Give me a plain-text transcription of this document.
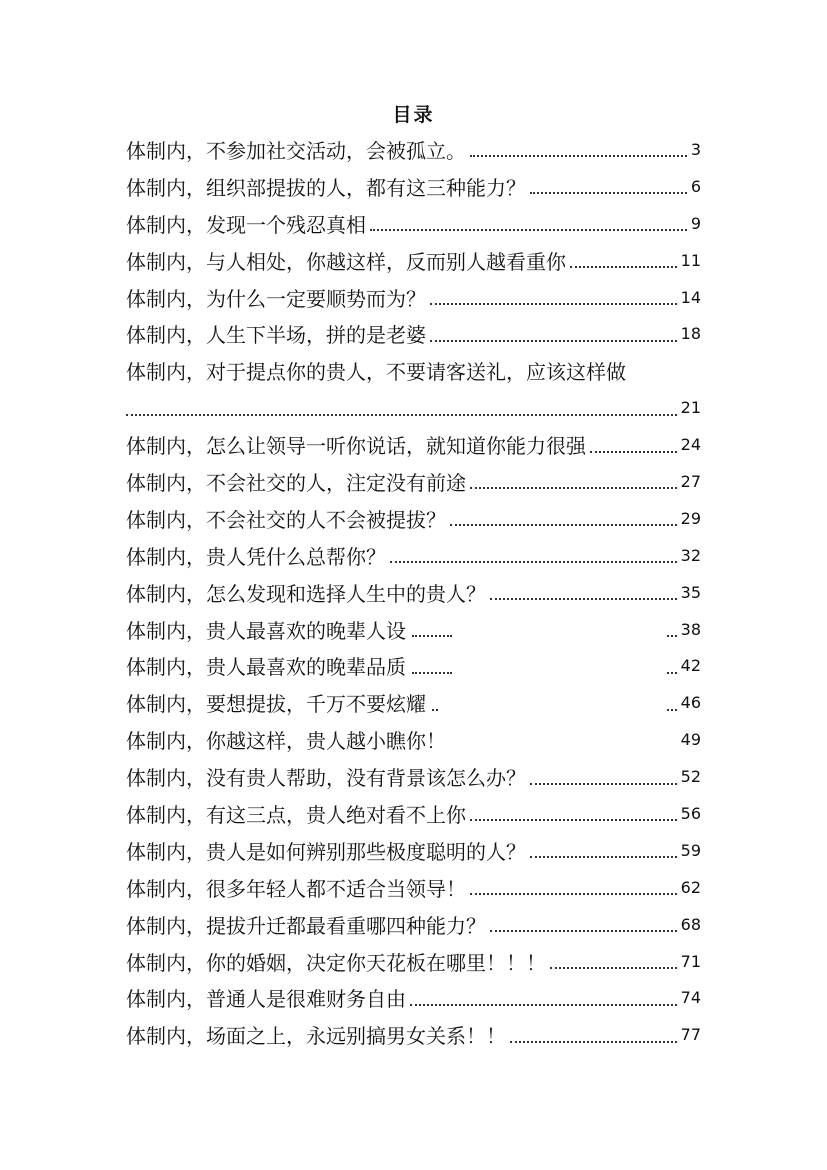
目录
体制内，不参加社交活动，会被孤立。	3
体制内，组织部提拔的人，都有这三种能力？	6
体制内，发现一个残忍真相	9
体制内，与人相处，你越这样，反而别人越看重你	11
体制内，为什么一定要顺势而为？	14
体制内，人生下半场，拼的是老婆	18
体制内，对于提点你的贵人，不要请客送礼，应该这样做
21
体制内，怎么让领导一听你说话，就知道你能力很强	24
体制内，不会社交的人，注定没有前途	27
体制内，不会社交的人不会被提拔？	29
体制内，贵人凭什么总帮你？	32
体制内，怎么发现和选择人生中的贵人？	35
体制内，贵人最喜欢的晚辈人设	38
体制内，贵人最喜欢的晚辈品质	42
体制内，要想提拔，千万不要炫耀	46
体制内，你越这样，贵人越小瞧你！	49
体制内，没有贵人帮助，没有背景该怎么办？	52
体制内，有这三点，贵人绝对看不上你	56
体制内，贵人是如何辨别那些极度聪明的人？	59
体制内，很多年轻人都不适合当领导！	62
体制内，提拔升迁都最看重哪四种能力？	68
体制内，你的婚姻，决定你天花板在哪里！！！	71
体制内，普通人是很难财务自由	74
体制内，场面之上，永远别搞男女关系！！	77
